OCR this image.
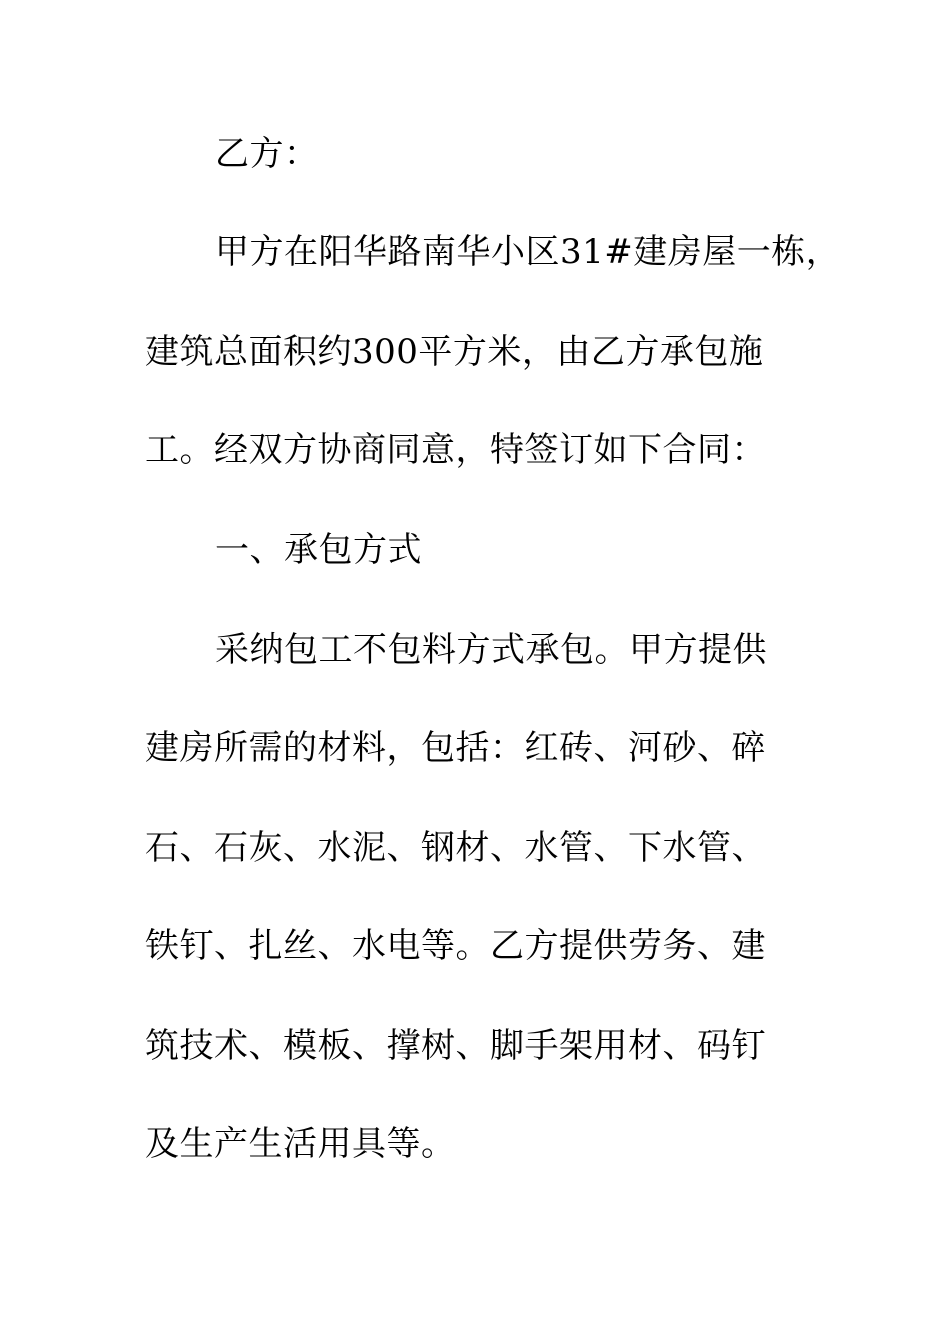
乙方：
甲方在阳华路南华小区31#建房屋一栋，
建筑总面积约300平方米，由乙方承包施
工。经双方协商同意，特签订如下合同：
一、承包方式
采纳包工不包料方式承包。甲方提供
建房所需的材料，包括：红砖、河砂、碎
石、石灰、水泥、钢材、水管、下水管、
铁钉、扎丝、水电等。乙方提供劳务、建
筑技术、模板、撑树、脚手架用材、码钉
及生产生活用具等。
